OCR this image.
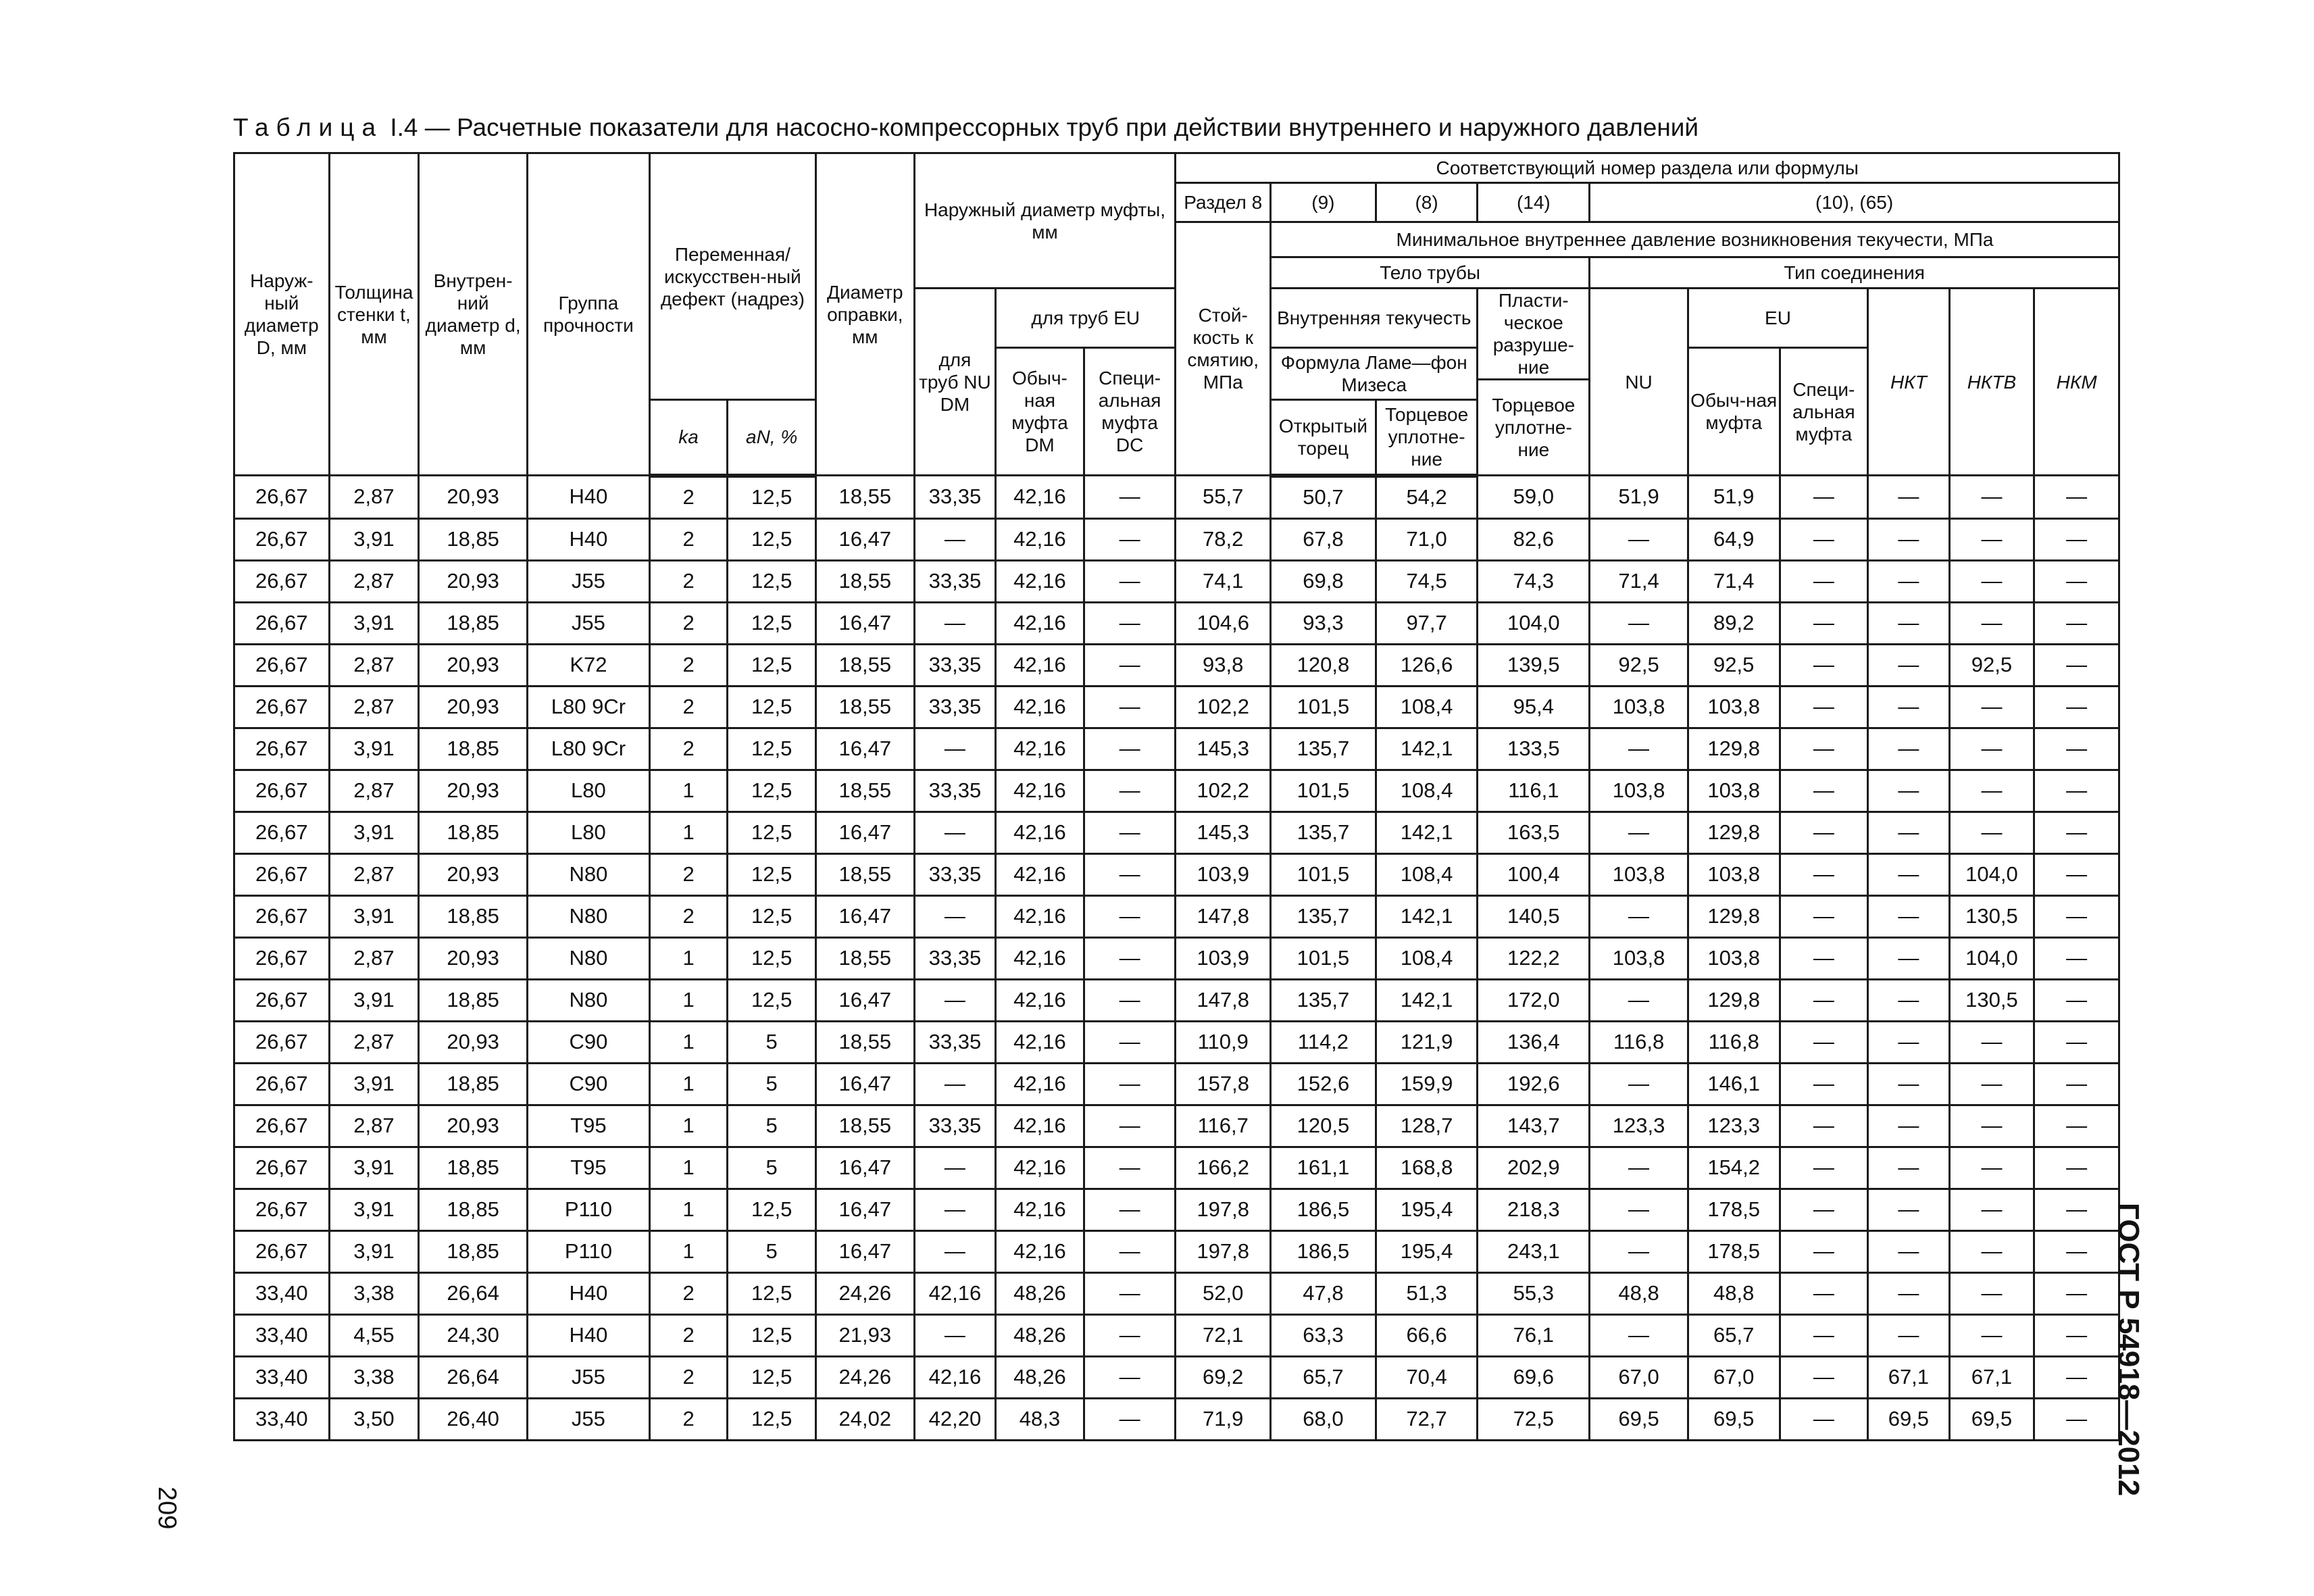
Таблица I.4 — Расчетные показатели для насосно-компрессорных труб при действии внутреннего и наружного давлений
Наруж-ный диаметр D, мм	Толщина стенки t, мм	Внутрен-ний диаметр d, мм	Группа прочности	Переменная/ искусствен-ный дефект (надрез)		Диаметр оправки, мм	Наружный диаметр муфты, мм			Соответствующий номер раздела или формулы									
										Раздел 8	(9)	(8)	(14)	(10), (65)					
										Стой-кость к смятию, МПа	Минимальное внутреннее давление возникновения текучести, МПа								
											Тело трубы			Тип соединения					
							для труб NU DM	для труб EU			Внутренняя текучесть		Пласти-ческое разруше-ние	NU	EU		НКТ	НКТВ	НКМ
								Обыч-ная муфта DM	Специ-альная муфта DC		Формула Ламе—фон Мизеса				Обыч-ная муфта	Специ-альная муфта			
													Торцевое уплотне-ние						
				ka	aN, %						Открытый торец	Торцевое уплотне-ние							
26,67	2,87	20,93	H40	2	12,5	18,55	33,35	42,16	—	55,7	50,7	54,2	59,0	51,9	51,9	—	—	—	—
26,67	3,91	18,85	H40	2	12,5	16,47	—	42,16	—	78,2	67,8	71,0	82,6	—	64,9	—	—	—	—
26,67	2,87	20,93	J55	2	12,5	18,55	33,35	42,16	—	74,1	69,8	74,5	74,3	71,4	71,4	—	—	—	—
26,67	3,91	18,85	J55	2	12,5	16,47	—	42,16	—	104,6	93,3	97,7	104,0	—	89,2	—	—	—	—
26,67	2,87	20,93	K72	2	12,5	18,55	33,35	42,16	—	93,8	120,8	126,6	139,5	92,5	92,5	—	—	92,5	—
26,67	2,87	20,93	L80 9Cr	2	12,5	18,55	33,35	42,16	—	102,2	101,5	108,4	95,4	103,8	103,8	—	—	—	—
26,67	3,91	18,85	L80 9Cr	2	12,5	16,47	—	42,16	—	145,3	135,7	142,1	133,5	—	129,8	—	—	—	—
26,67	2,87	20,93	L80	1	12,5	18,55	33,35	42,16	—	102,2	101,5	108,4	116,1	103,8	103,8	—	—	—	—
26,67	3,91	18,85	L80	1	12,5	16,47	—	42,16	—	145,3	135,7	142,1	163,5	—	129,8	—	—	—	—
26,67	2,87	20,93	N80	2	12,5	18,55	33,35	42,16	—	103,9	101,5	108,4	100,4	103,8	103,8	—	—	104,0	—
26,67	3,91	18,85	N80	2	12,5	16,47	—	42,16	—	147,8	135,7	142,1	140,5	—	129,8	—	—	130,5	—
26,67	2,87	20,93	N80	1	12,5	18,55	33,35	42,16	—	103,9	101,5	108,4	122,2	103,8	103,8	—	—	104,0	—
26,67	3,91	18,85	N80	1	12,5	16,47	—	42,16	—	147,8	135,7	142,1	172,0	—	129,8	—	—	130,5	—
26,67	2,87	20,93	C90	1	5	18,55	33,35	42,16	—	110,9	114,2	121,9	136,4	116,8	116,8	—	—	—	—
26,67	3,91	18,85	C90	1	5	16,47	—	42,16	—	157,8	152,6	159,9	192,6	—	146,1	—	—	—	—
26,67	2,87	20,93	T95	1	5	18,55	33,35	42,16	—	116,7	120,5	128,7	143,7	123,3	123,3	—	—	—	—
26,67	3,91	18,85	T95	1	5	16,47	—	42,16	—	166,2	161,1	168,8	202,9	—	154,2	—	—	—	—
26,67	3,91	18,85	P110	1	12,5	16,47	—	42,16	—	197,8	186,5	195,4	218,3	—	178,5	—	—	—	—
26,67	3,91	18,85	P110	1	5	16,47	—	42,16	—	197,8	186,5	195,4	243,1	—	178,5	—	—	—	—
33,40	3,38	26,64	H40	2	12,5	24,26	42,16	48,26	—	52,0	47,8	51,3	55,3	48,8	48,8	—	—	—	—
33,40	4,55	24,30	H40	2	12,5	21,93	—	48,26	—	72,1	63,3	66,6	76,1	—	65,7	—	—	—	—
33,40	3,38	26,64	J55	2	12,5	24,26	42,16	48,26	—	69,2	65,7	70,4	69,6	67,0	67,0	—	67,1	67,1	—
33,40	3,50	26,40	J55	2	12,5	24,02	42,20	48,3	—	71,9	68,0	72,7	72,5	69,5	69,5	—	69,5	69,5	— ГОСТ Р 54918—2012
209
